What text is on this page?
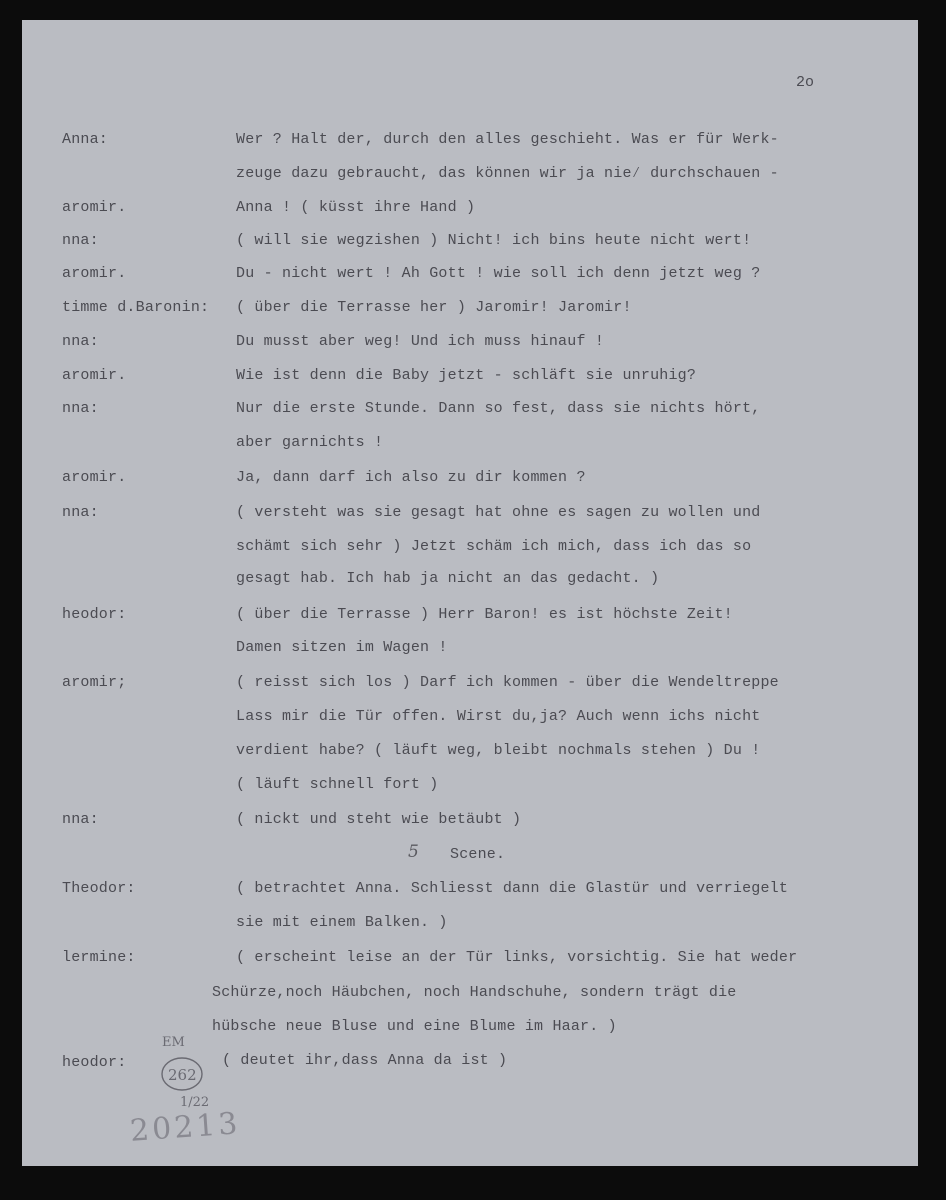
2o
Anna:	Wer ? Halt der, durch den alles geschieht. Was er für Werk-
zeuge dazu gebraucht, das können wir ja nie⁄ durchschauen -
aromir.	Anna ! ( küsst ihre Hand )
nna:	( will sie wegzishen ) Nicht! ich bins heute nicht wert!
aromir.	Du - nicht wert ! Ah Gott ! wie soll ich denn jetzt weg ?
timme d.Baronin: ( über die Terrasse her ) Jaromir! Jaromir!
nna:	Du musst aber weg! Und ich muss hinauf !
aromir.	Wie ist denn die Baby jetzt - schläft sie unruhig?
nna:	Nur die erste Stunde. Dann so fest, dass sie nichts hört,
aber garnichts !
aromir.	Ja, dann darf ich also zu dir kommen ?
nna:	( versteht was sie gesagt hat ohne es sagen zu wollen und
schämt sich sehr ) Jetzt schäm ich mich, dass ich das so
gesagt hab. Ich hab ja nicht an das gedacht. )
heodor:	( über die Terrasse ) Herr Baron! es ist höchste Zeit!
Damen sitzen im Wagen !
aromir;	( reisst sich los ) Darf ich kommen - über die Wendeltreppe
Lass mir die Tür offen. Wirst du,ja? Auch wenn ichs nicht
verdient habe? ( läuft weg, bleibt nochmals stehen ) Du !
( läuft schnell fort )
nna:	( nickt und steht wie betäubt )
5 Scene.
Theodor:	( betrachtet Anna. Schliesst dann die Glastür und verriegelt
sie mit einem Balken. )
lermine:	( erscheint leise an der Tür links, vorsichtig. Sie hat weder
Schürze,noch Häubchen, noch Handschuhe, sondern trägt die
hübsche neue Bluse und eine Blume im Haar. )
heodor:	( deutet ihr,dass Anna da ist )
EM
262
1/22
20213
